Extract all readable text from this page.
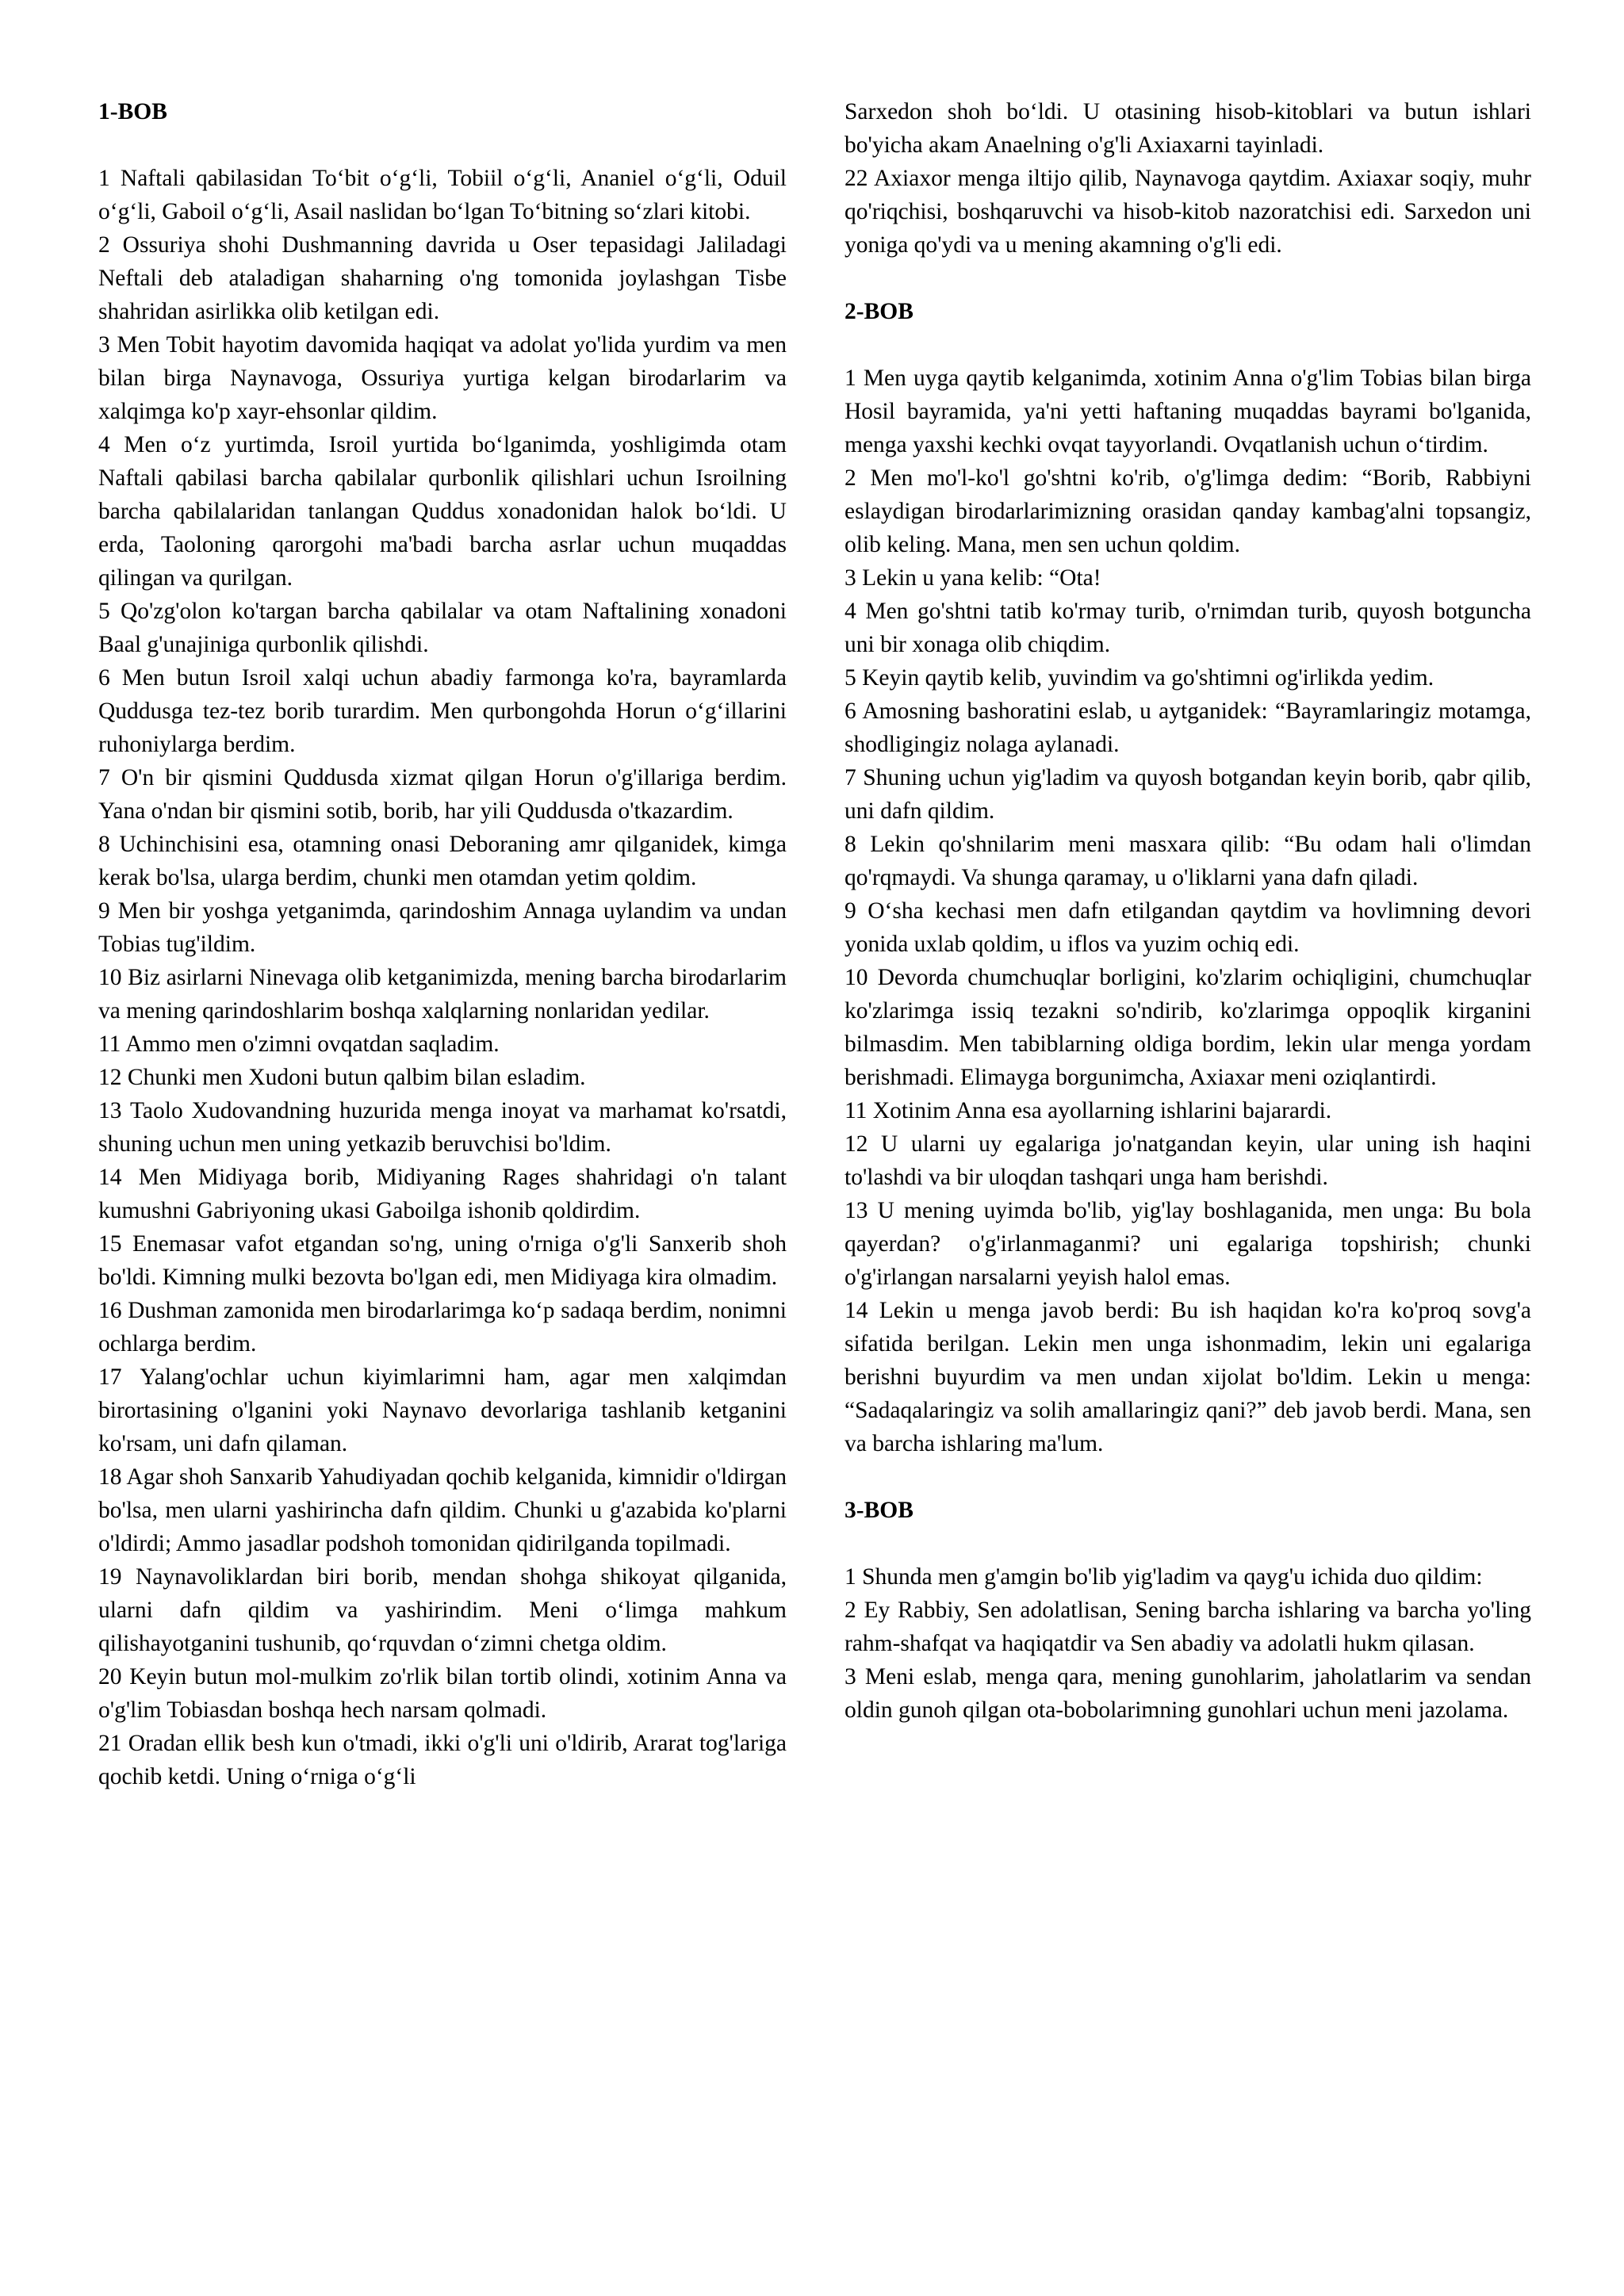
1-BOB

1 Naftali qabilasidan To‘bit o‘g‘li, Tobiil o‘g‘li, Ananiel o‘g‘li, Oduil o‘g‘li, Gaboil o‘g‘li, Asail naslidan bo‘lgan To‘bitning so‘zlari kitobi.

2 Ossuriya shohi Dushmanning davrida u Oser tepasidagi Jaliladagi Neftali deb ataladigan shaharning o'ng tomonida joylashgan Tisbe shahridan asirlikka olib ketilgan edi.

3 Men Tobit hayotim davomida haqiqat va adolat yo'lida yurdim va men bilan birga Naynavoga, Ossuriya yurtiga kelgan birodarlarim va xalqimga ko'p xayr-ehsonlar qildim.

4 Men o‘z yurtimda, Isroil yurtida bo‘lganimda, yoshligimda otam Naftali qabilasi barcha qabilalar qurbonlik qilishlari uchun Isroilning barcha qabilalaridan tanlangan Quddus xonadonidan halok bo‘ldi. U erda, Taoloning qarorgohi ma'badi barcha asrlar uchun muqaddas qilingan va qurilgan.

5 Qo'zg'olon ko'targan barcha qabilalar va otam Naftalining xonadoni Baal g'unajiniga qurbonlik qilishdi.

6 Men butun Isroil xalqi uchun abadiy farmonga ko'ra, bayramlarda Quddusga tez-tez borib turardim. Men qurbongohda Horun o‘g‘illarini ruhoniylarga berdim.

7 O'n bir qismini Quddusda xizmat qilgan Horun o'g'illariga berdim. Yana o'ndan bir qismini sotib, borib, har yili Quddusda o'tkazardim.

8 Uchinchisini esa, otamning onasi Deboraning amr qilganidek, kimga kerak bo'lsa, ularga berdim, chunki men otamdan yetim qoldim.

9 Men bir yoshga yetganimda, qarindoshim Annaga uylandim va undan Tobias tug'ildim.

10 Biz asirlarni Ninevaga olib ketganimizda, mening barcha birodarlarim va mening qarindoshlarim boshqa xalqlarning nonlaridan yedilar.

11 Ammo men o'zimni ovqatdan saqladim.

12 Chunki men Xudoni butun qalbim bilan esladim.

13 Taolo Xudovandning huzurida menga inoyat va marhamat ko'rsatdi, shuning uchun men uning yetkazib beruvchisi bo'ldim.

14 Men Midiyaga borib, Midiyaning Rages shahridagi o'n talant kumushni Gabriyoning ukasi Gaboilga ishonib qoldirdim.

15 Enemasar vafot etgandan so'ng, uning o'rniga o'g'li Sanxerib shoh bo'ldi. Kimning mulki bezovta bo'lgan edi, men Midiyaga kira olmadim.

16 Dushman zamonida men birodarlarimga ko‘p sadaqa berdim, nonimni ochlarga berdim.

17 Yalang'ochlar uchun kiyimlarimni ham, agar men xalqimdan birortasining o'lganini yoki Naynavo devorlariga tashlanib ketganini ko'rsam, uni dafn qilaman.

18 Agar shoh Sanxarib Yahudiyadan qochib kelganida, kimnidir o'ldirgan bo'lsa, men ularni yashirincha dafn qildim. Chunki u g'azabida ko'plarni o'ldirdi; Ammo jasadlar podshoh tomonidan qidirilganda topilmadi.

19 Naynavoliklardan biri borib, mendan shohga shikoyat qilganida, ularni dafn qildim va yashirindim. Meni o‘limga mahkum qilishayotganini tushunib, qo‘rquvdan o‘zimni chetga oldim.

20 Keyin butun mol-mulkim zo'rlik bilan tortib olindi, xotinim Anna va o'g'lim Tobiasdan boshqa hech narsam qolmadi.

21 Oradan ellik besh kun o'tmadi, ikki o'g'li uni o'ldirib, Ararat tog'lariga qochib ketdi. Uning o‘rniga o‘g‘li

Sarxedon shoh bo‘ldi. U otasining hisob-kitoblari va butun ishlari bo'yicha akam Anaelning o'g'li Axiaxarni tayinladi.

22 Axiaxor menga iltijo qilib, Naynavoga qaytdim. Axiaxar soqiy, muhr qo'riqchisi, boshqaruvchi va hisob-kitob nazoratchisi edi. Sarxedon uni yoniga qo'ydi va u mening akamning o'g'li edi.

2-BOB

1 Men uyga qaytib kelganimda, xotinim Anna o'g'lim Tobias bilan birga Hosil bayramida, ya'ni yetti haftaning muqaddas bayrami bo'lganida, menga yaxshi kechki ovqat tayyorlandi. Ovqatlanish uchun o‘tirdim.

2 Men mo'l-ko'l go'shtni ko'rib, o'g'limga dedim: “Borib, Rabbiyni eslaydigan birodarlarimizning orasidan qanday kambag'alni topsangiz, olib keling. Mana, men sen uchun qoldim.

3 Lekin u yana kelib: “Ota!

4 Men go'shtni tatib ko'rmay turib, o'rnimdan turib, quyosh botguncha uni bir xonaga olib chiqdim.

5 Keyin qaytib kelib, yuvindim va go'shtimni og'irlikda yedim.

6 Amosning bashoratini eslab, u aytganidek: “Bayramlaringiz motamga, shodligingiz nolaga aylanadi.

7 Shuning uchun yig'ladim va quyosh botgandan keyin borib, qabr qilib, uni dafn qildim.

8 Lekin qo'shnilarim meni masxara qilib: “Bu odam hali o'limdan qo'rqmaydi. Va shunga qaramay, u o'liklarni yana dafn qiladi.

9 O‘sha kechasi men dafn etilgandan qaytdim va hovlimning devori yonida uxlab qoldim, u iflos va yuzim ochiq edi.

10 Devorda chumchuqlar borligini, ko'zlarim ochiqligini, chumchuqlar ko'zlarimga issiq tezakni so'ndirib, ko'zlarimga oppoqlik kirganini bilmasdim. Men tabiblarning oldiga bordim, lekin ular menga yordam berishmadi. Elimayga borgunimcha, Axiaxar meni oziqlantirdi.

11 Xotinim Anna esa ayollarning ishlarini bajarardi.

12 U ularni uy egalariga jo'natgandan keyin, ular uning ish haqini to'lashdi va bir uloqdan tashqari unga ham berishdi.

13 U mening uyimda bo'lib, yig'lay boshlaganida, men unga: Bu bola qayerdan? o'g'irlanmaganmi? uni egalariga topshirish; chunki o'g'irlangan narsalarni yeyish halol emas.

14 Lekin u menga javob berdi: Bu ish haqidan ko'ra ko'proq sovg'a sifatida berilgan. Lekin men unga ishonmadim, lekin uni egalariga berishni buyurdim va men undan xijolat bo'ldim. Lekin u menga: “Sadaqalaringiz va solih amallaringiz qani?” deb javob berdi. Mana, sen va barcha ishlaring ma'lum.

3-BOB

1 Shunda men g'amgin bo'lib yig'ladim va qayg'u ichida duo qildim:

2 Ey Rabbiy, Sen adolatlisan, Sening barcha ishlaring va barcha yo'ling rahm-shafqat va haqiqatdir va Sen abadiy va adolatli hukm qilasan.

3 Meni eslab, menga qara, mening gunohlarim, jaholatlarim va sendan oldin gunoh qilgan ota-bobolarimning gunohlari uchun meni jazolama.
